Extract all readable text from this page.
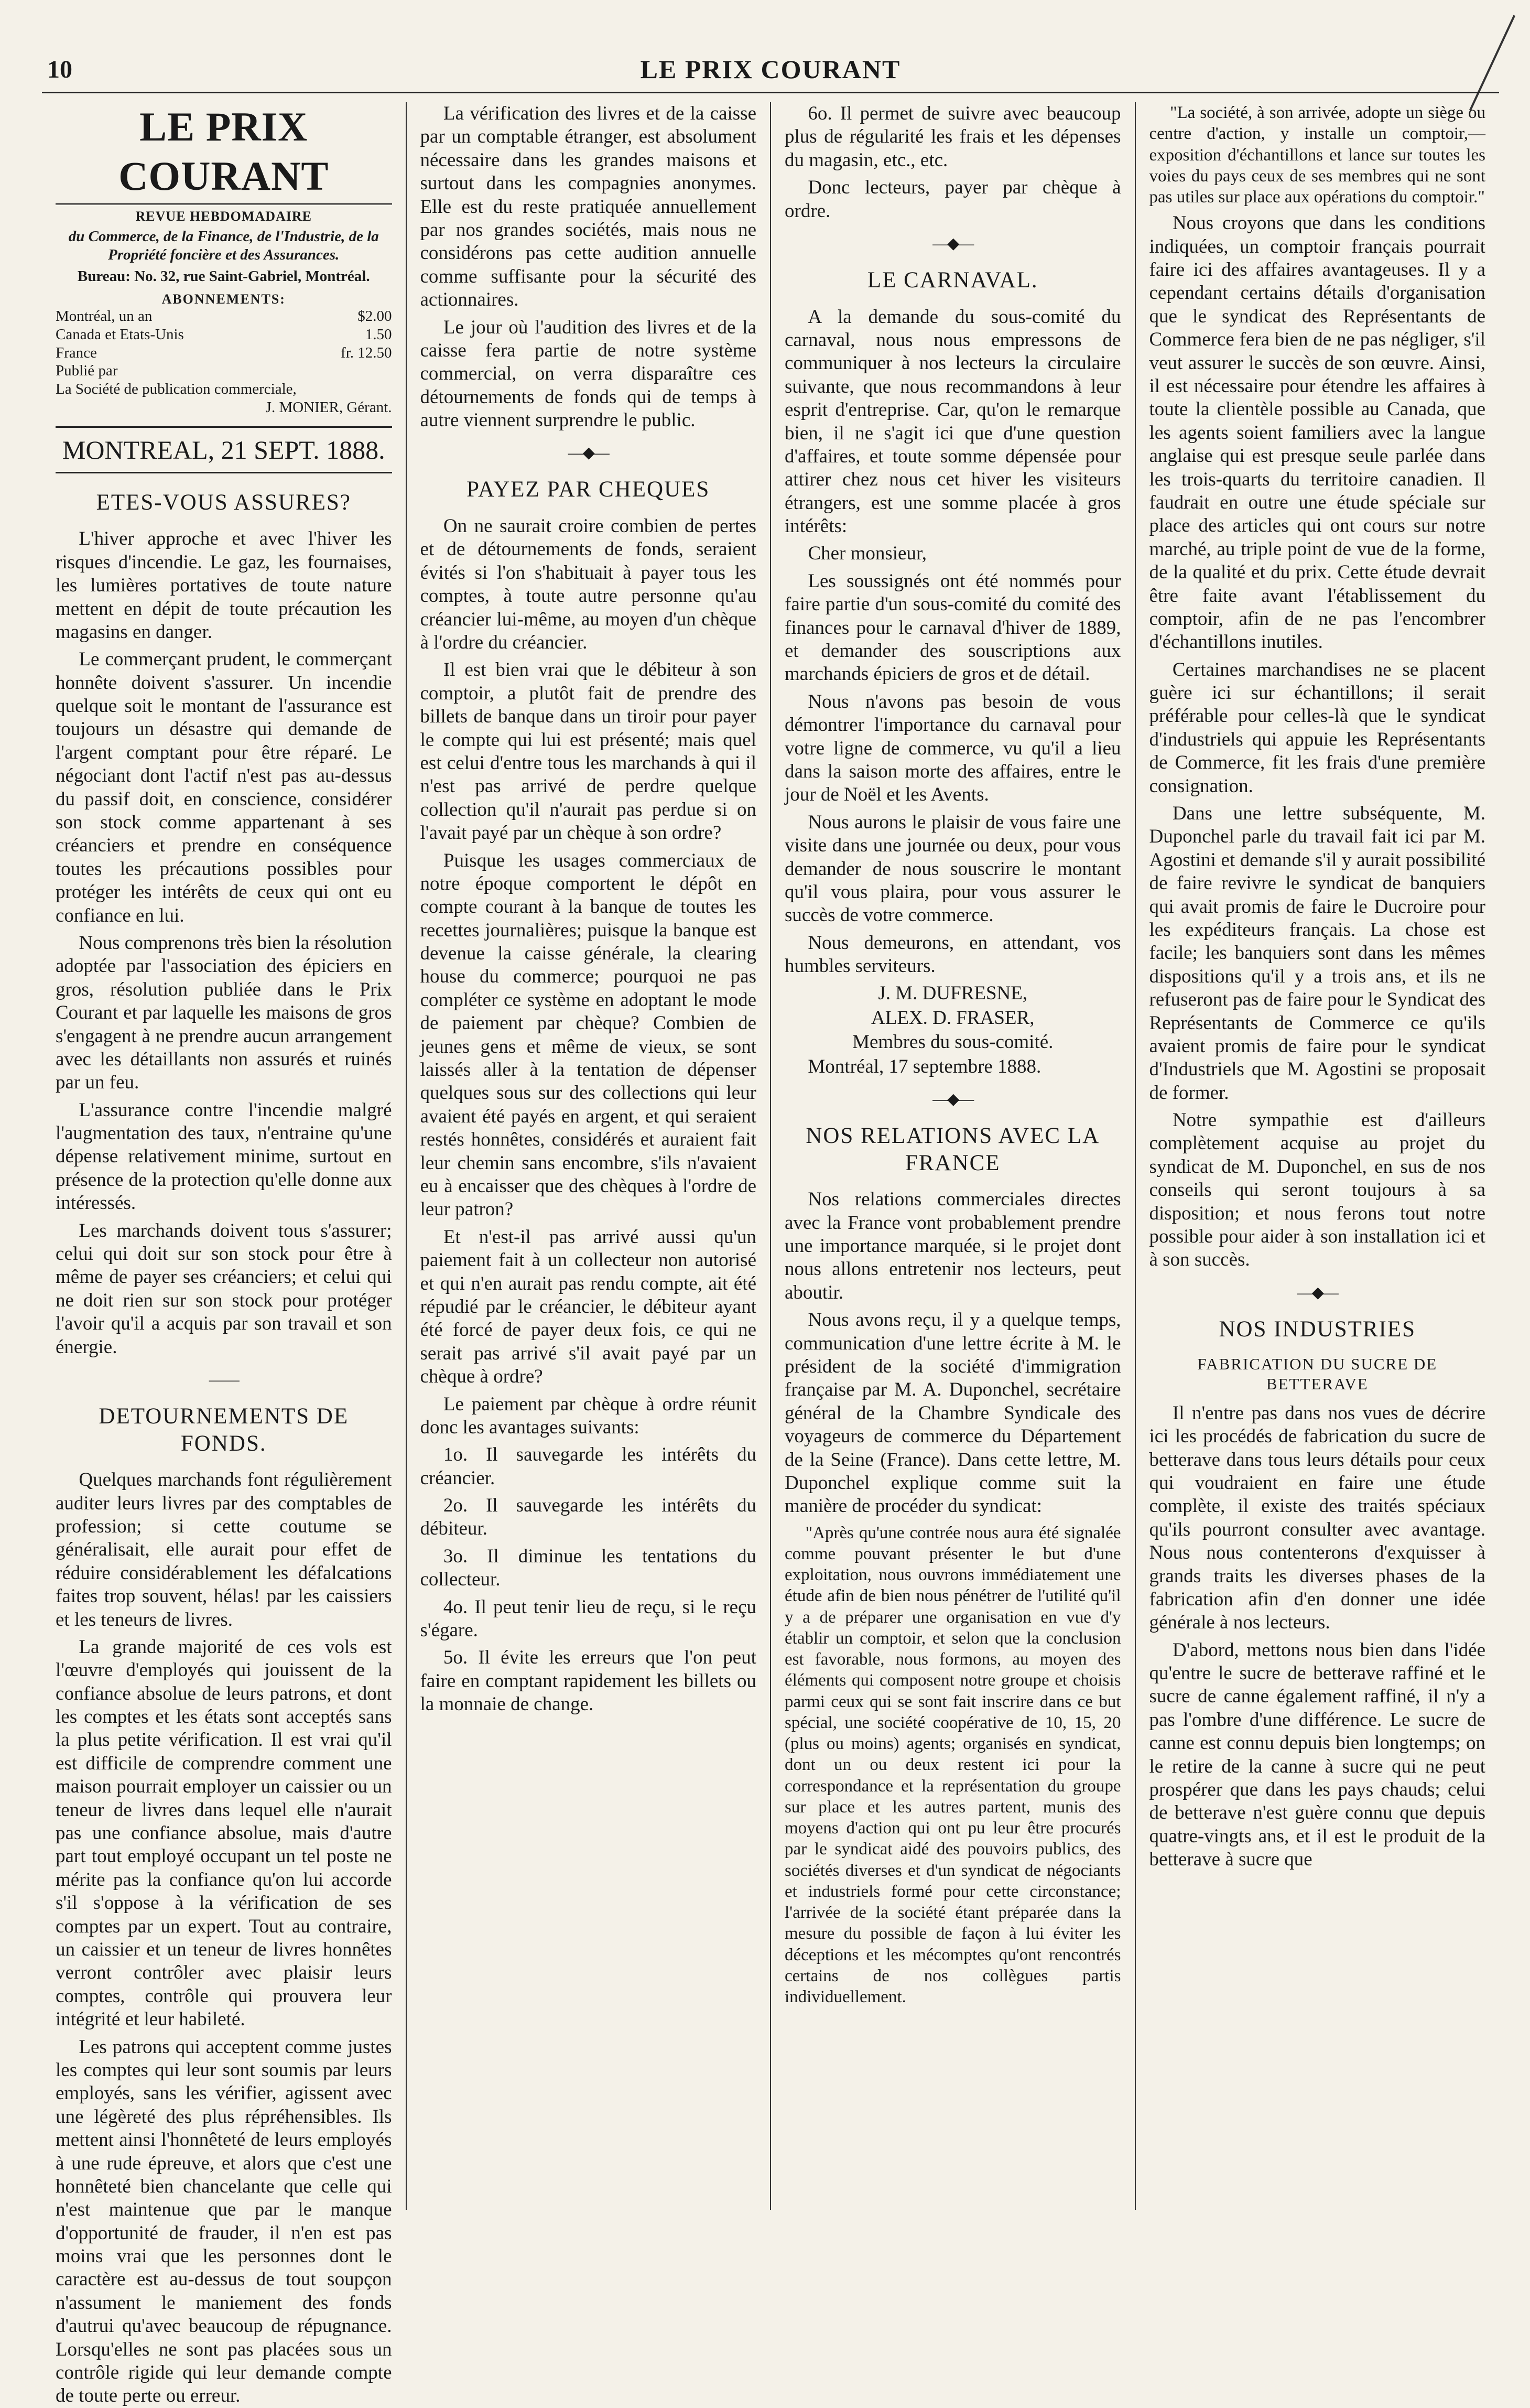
10	LE PRIX COURANT
LE PRIX COURANT
REVUE HEBDOMADAIRE
du Commerce, de la Finance, de l'Industrie, de la Propriété foncière et des Assurances.
Bureau: No. 32, rue Saint-Gabriel, Montréal.
ABONNEMENTS:
Montréal, un an	$2.00
Canada et Etats-Unis	1.50
France	fr. 12.50
Publié par
La Société de publication commerciale,
J. MONIER, Gérant.
MONTREAL, 21 SEPT. 1888.
ETES-VOUS ASSURES?

L'hiver approche et avec l'hiver les risques d'incendie. Le gaz, les fournaises, les lumières portatives de toute nature mettent en dépit de toute précaution les magasins en danger.

Le commerçant prudent, le commerçant honnête doivent s'assurer. Un incendie quelque soit le montant de l'assurance est toujours un désastre qui demande de l'argent comptant pour être réparé. Le négociant dont l'actif n'est pas au-dessus du passif doit, en conscience, considérer son stock comme appartenant à ses créanciers et prendre en conséquence toutes les précautions possibles pour protéger les intérêts de ceux qui ont eu confiance en lui.

Nous comprenons très bien la résolution adoptée par l'association des épiciers en gros, résolution publiée dans le Prix Courant et par laquelle les maisons de gros s'engagent à ne prendre aucun arrangement avec les détaillants non assurés et ruinés par un feu.

L'assurance contre l'incendie malgré l'augmentation des taux, n'entraine qu'une dépense relativement minime, surtout en présence de la protection qu'elle donne aux intéressés.

Les marchands doivent tous s'assurer; celui qui doit sur son stock pour être à même de payer ses créanciers; et celui qui ne doit rien sur son stock pour protéger l'avoir qu'il a acquis par son travail et son énergie.

——
DETOURNEMENTS DE FONDS.

Quelques marchands font régulièrement auditer leurs livres par des comptables de profession; si cette coutume se généralisait, elle aurait pour effet de réduire considérablement les défalcations faites trop souvent, hélas! par les caissiers et les teneurs de livres.

La grande majorité de ces vols est l'œuvre d'employés qui jouissent de la confiance absolue de leurs patrons, et dont les comptes et les états sont acceptés sans la plus petite vérification. Il est vrai qu'il est difficile de comprendre comment une maison pourrait employer un caissier ou un teneur de livres dans lequel elle n'aurait pas une confiance absolue, mais d'autre part tout employé occupant un tel poste ne mérite pas la confiance qu'on lui accorde s'il s'oppose à la vérification de ses comptes par un expert. Tout au contraire, un caissier et un teneur de livres honnêtes verront contrôler avec plaisir leurs comptes, contrôle qui prouvera leur intégrité et leur habileté.

Les patrons qui acceptent comme justes les comptes qui leur sont soumis par leurs employés, sans les vérifier, agissent avec une légèreté des plus répréhensibles. Ils mettent ainsi l'honnêteté de leurs employés à une rude épreuve, et alors que c'est une honnêteté bien chancelante que celle qui n'est maintenue que par le manque d'opportunité de frauder, il n'en est pas moins vrai que les personnes dont le caractère est au-dessus de tout soupçon n'assument le maniement des fonds d'autrui qu'avec beaucoup de répugnance. Lorsqu'elles ne sont pas placées sous un contrôle rigide qui leur demande compte de toute perte ou erreur.

La vérification des livres et de la caisse par un comptable étranger, est absolument nécessaire dans les grandes maisons et surtout dans les compagnies anonymes. Elle est du reste pratiquée annuellement par nos grandes sociétés, mais nous ne considérons pas cette audition annuelle comme suffisante pour la sécurité des actionnaires.

Le jour où l'audition des livres et de la caisse fera partie de notre système commercial, on verra disparaître ces détournements de fonds qui de temps à autre viennent surprendre le public.

—◆—
PAYEZ PAR CHEQUES

On ne saurait croire combien de pertes et de détournements de fonds, seraient évités si l'on s'habituait à payer tous les comptes, à toute autre personne qu'au créancier lui-même, au moyen d'un chèque à l'ordre du créancier.

Il est bien vrai que le débiteur à son comptoir, a plutôt fait de prendre des billets de banque dans un tiroir pour payer le compte qui lui est présenté; mais quel est celui d'entre tous les marchands à qui il n'est pas arrivé de perdre quelque collection qu'il n'aurait pas perdue si on l'avait payé par un chèque à son ordre?

Puisque les usages commerciaux de notre époque comportent le dépôt en compte courant à la banque de toutes les recettes journalières; puisque la banque est devenue la caisse générale, la clearing house du commerce; pourquoi ne pas compléter ce système en adoptant le mode de paiement par chèque? Combien de jeunes gens et même de vieux, se sont laissés aller à la tentation de dépenser quelques sous sur des collections qui leur avaient été payés en argent, et qui seraient restés honnêtes, considérés et auraient fait leur chemin sans encombre, s'ils n'avaient eu à encaisser que des chèques à l'ordre de leur patron?

Et n'est-il pas arrivé aussi qu'un paiement fait à un collecteur non autorisé et qui n'en aurait pas rendu compte, ait été répudié par le créancier, le débiteur ayant été forcé de payer deux fois, ce qui ne serait pas arrivé s'il avait payé par un chèque à ordre?

Le paiement par chèque à ordre réunit donc les avantages suivants:

1o. Il sauvegarde les intérêts du créancier.

2o. Il sauvegarde les intérêts du débiteur.

3o. Il diminue les tentations du collecteur.

4o. Il peut tenir lieu de reçu, si le reçu s'égare.

5o. Il évite les erreurs que l'on peut faire en comptant rapidement les billets ou la monnaie de change.

6o. Il permet de suivre avec beaucoup plus de régularité les frais et les dépenses du magasin, etc., etc.

Donc lecteurs, payer par chèque à ordre.

—◆—
LE CARNAVAL.

A la demande du sous-comité du carnaval, nous nous empressons de communiquer à nos lecteurs la circulaire suivante, que nous recommandons à leur esprit d'entreprise. Car, qu'on le remarque bien, il ne s'agit ici que d'une question d'affaires, et toute somme dépensée pour attirer chez nous cet hiver les visiteurs étrangers, est une somme placée à gros intérêts:

Cher monsieur,

Les soussignés ont été nommés pour faire partie d'un sous-comité du comité des finances pour le carnaval d'hiver de 1889, et demander des souscriptions aux marchands épiciers de gros et de détail.

Nous n'avons pas besoin de vous démontrer l'importance du carnaval pour votre ligne de commerce, vu qu'il a lieu dans la saison morte des affaires, entre le jour de Noël et les Avents.

Nous aurons le plaisir de vous faire une visite dans une journée ou deux, pour vous demander de nous souscrire le montant qu'il vous plaira, pour vous assurer le succès de votre commerce.

Nous demeurons, en attendant, vos humbles serviteurs.

J. M. DUFRESNE,
ALEX. D. FRASER,
Membres du sous-comité.

Montréal, 17 septembre 1888.

—◆—
NOS RELATIONS AVEC LA FRANCE

Nos relations commerciales directes avec la France vont probablement prendre une importance marquée, si le projet dont nous allons entretenir nos lecteurs, peut aboutir.

Nous avons reçu, il y a quelque temps, communication d'une lettre écrite à M. le président de la société d'immigration française par M. A. Duponchel, secrétaire général de la Chambre Syndicale des voyageurs de commerce du Département de la Seine (France). Dans cette lettre, M. Duponchel explique comme suit la manière de procéder du syndicat:

"Après qu'une contrée nous aura été signalée comme pouvant présenter le but d'une exploitation, nous ouvrons immédiatement une étude afin de bien nous pénétrer de l'utilité qu'il y a de préparer une organisation en vue d'y établir un comptoir, et selon que la conclusion est favorable, nous formons, au moyen des éléments qui composent notre groupe et choisis parmi ceux qui se sont fait inscrire dans ce but spécial, une société coopérative de 10, 15, 20 (plus ou moins) agents; organisés en syndicat, dont un ou deux restent ici pour la correspondance et la représentation du groupe sur place et les autres partent, munis des moyens d'action qui ont pu leur être procurés par le syndicat aidé des pouvoirs publics, des sociétés diverses et d'un syndicat de négociants et industriels formé pour cette circonstance; l'arrivée de la société étant préparée dans la mesure du possible de façon à lui éviter les déceptions et les mécomptes qu'ont rencontrés certains de nos collègues partis individuellement.

"La société, à son arrivée, adopte un siège ou centre d'action, y installe un comptoir,—exposition d'échantillons et lance sur toutes les voies du pays ceux de ses membres qui ne sont pas utiles sur place aux opérations du comptoir."

Nous croyons que dans les conditions indiquées, un comptoir français pourrait faire ici des affaires avantageuses. Il y a cependant certains détails d'organisation que le syndicat des Représentants de Commerce fera bien de ne pas négliger, s'il veut assurer le succès de son œuvre. Ainsi, il est nécessaire pour étendre les affaires à toute la clientèle possible au Canada, que les agents soient familiers avec la langue anglaise qui est presque seule parlée dans les trois-quarts du territoire canadien. Il faudrait en outre une étude spéciale sur place des articles qui ont cours sur notre marché, au triple point de vue de la forme, de la qualité et du prix. Cette étude devrait être faite avant l'établissement du comptoir, afin de ne pas l'encombrer d'échantillons inutiles.

Certaines marchandises ne se placent guère ici sur échantillons; il serait préférable pour celles-là que le syndicat d'industriels qui appuie les Représentants de Commerce, fit les frais d'une première consignation.

Dans une lettre subséquente, M. Duponchel parle du travail fait ici par M. Agostini et demande s'il y aurait possibilité de faire revivre le syndicat de banquiers qui avait promis de faire le Ducroire pour les expéditeurs français. La chose est facile; les banquiers sont dans les mêmes dispositions qu'il y a trois ans, et ils ne refuseront pas de faire pour le Syndicat des Représentants de Commerce ce qu'ils avaient promis de faire pour le syndicat d'Industriels que M. Agostini se proposait de former.

Notre sympathie est d'ailleurs complètement acquise au projet du syndicat de M. Duponchel, en sus de nos conseils qui seront toujours à sa disposition; et nous ferons tout notre possible pour aider à son installation ici et à son succès.

—◆—
NOS INDUSTRIES
FABRICATION DU SUCRE DE BETTERAVE

Il n'entre pas dans nos vues de décrire ici les procédés de fabrication du sucre de betterave dans tous leurs détails pour ceux qui voudraient en faire une étude complète, il existe des traités spéciaux qu'ils pourront consulter avec avantage. Nous nous contenterons d'exquisser à grands traits les diverses phases de la fabrication afin d'en donner une idée générale à nos lecteurs.

D'abord, mettons nous bien dans l'idée qu'entre le sucre de betterave raffiné et le sucre de canne également raffiné, il n'y a pas l'ombre d'une différence. Le sucre de canne est connu depuis bien longtemps; on le retire de la canne à sucre qui ne peut prospérer que dans les pays chauds; celui de betterave n'est guère connu que depuis quatre-vingts ans, et il est le produit de la betterave à sucre que
